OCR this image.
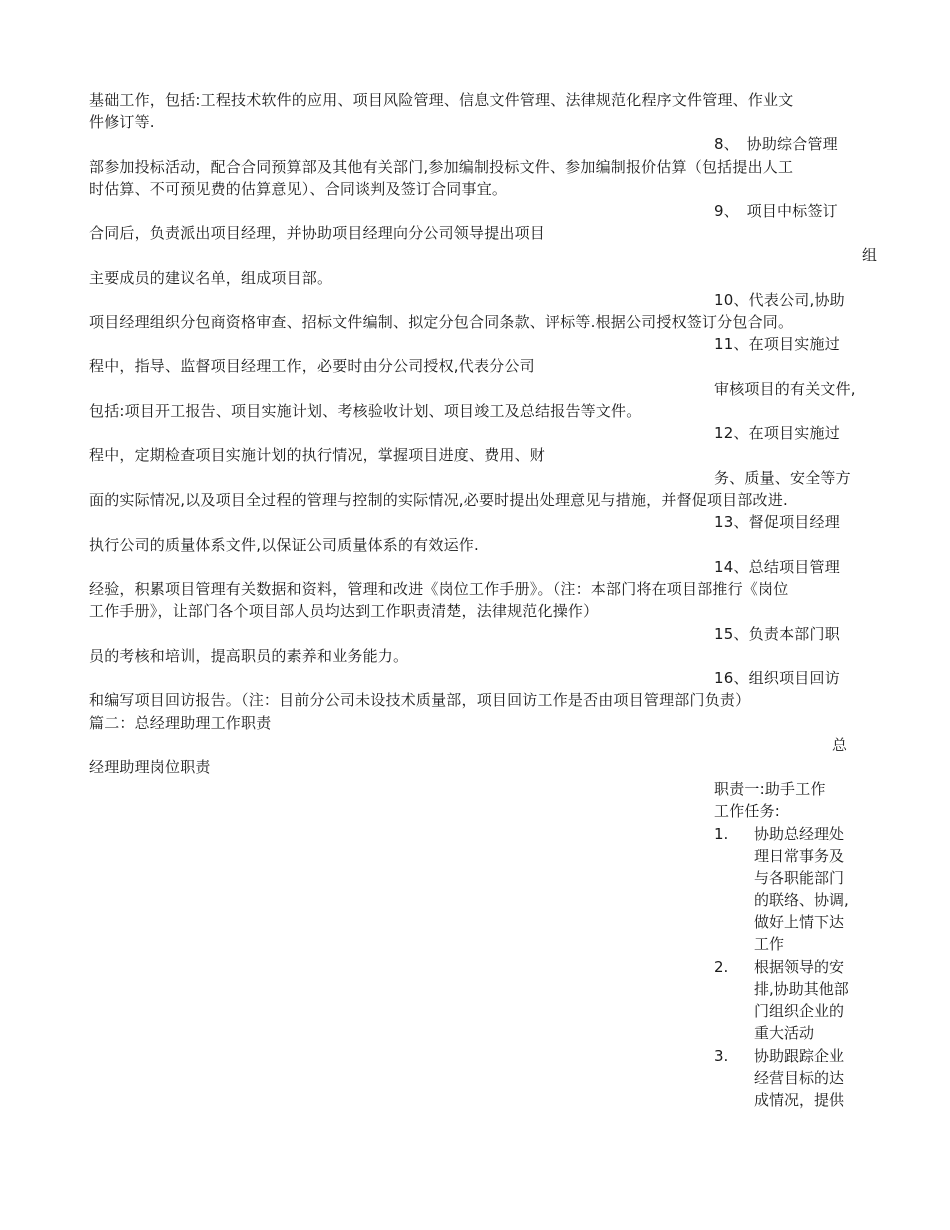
基础工作，包括:工程技术软件的应用、项目风险管理、信息文件管理、法律规范化程序文件管理、作业文
件修订等.
8、　协助综合管理
部参加投标活动，配合合同预算部及其他有关部门,参加编制投标文件、参加编制报价估算（包括提出人工
时估算、不可预见费的估算意见）、合同谈判及签订合同事宜。
9、　项目中标签订
合同后，负责派出项目经理，并协助项目经理向分公司领导提出项目
组
主要成员的建议名单，组成项目部。
10、代表公司,协助
项目经理组织分包商资格审查、招标文件编制、拟定分包合同条款、评标等.根据公司授权签订分包合同。
11、在项目实施过
程中，指导、监督项目经理工作，必要时由分公司授权,代表分公司
审核项目的有关文件,
包括:项目开工报告、项目实施计划、考核验收计划、项目竣工及总结报告等文件。
12、在项目实施过
程中，定期检查项目实施计划的执行情况，掌握项目进度、费用、财
务、质量、安全等方
面的实际情况,以及项目全过程的管理与控制的实际情况,必要时提出处理意见与措施，并督促项目部改进.
13、督促项目经理
执行公司的质量体系文件,以保证公司质量体系的有效运作.
14、总结项目管理
经验，积累项目管理有关数据和资料，管理和改进《岗位工作手册》。（注：本部门将在项目部推行《岗位
工作手册》，让部门各个项目部人员均达到工作职责清楚，法律规范化操作）
15、负责本部门职
员的考核和培训，提高职员的素养和业务能力。
16、组织项目回访
和编写项目回访报告。（注：目前分公司未设技术质量部，项目回访工作是否由项目管理部门负责）
篇二：总经理助理工作职责
总
经理助理岗位职责
职责一:助手工作
工作任务:
1. 协助总经理处
理日常事务及
与各职能部门
的联络、协调,
做好上情下达
工作
2. 根据领导的安
排,协助其他部
门组织企业的
重大活动
3. 协助跟踪企业
经营目标的达
成情况，提供
